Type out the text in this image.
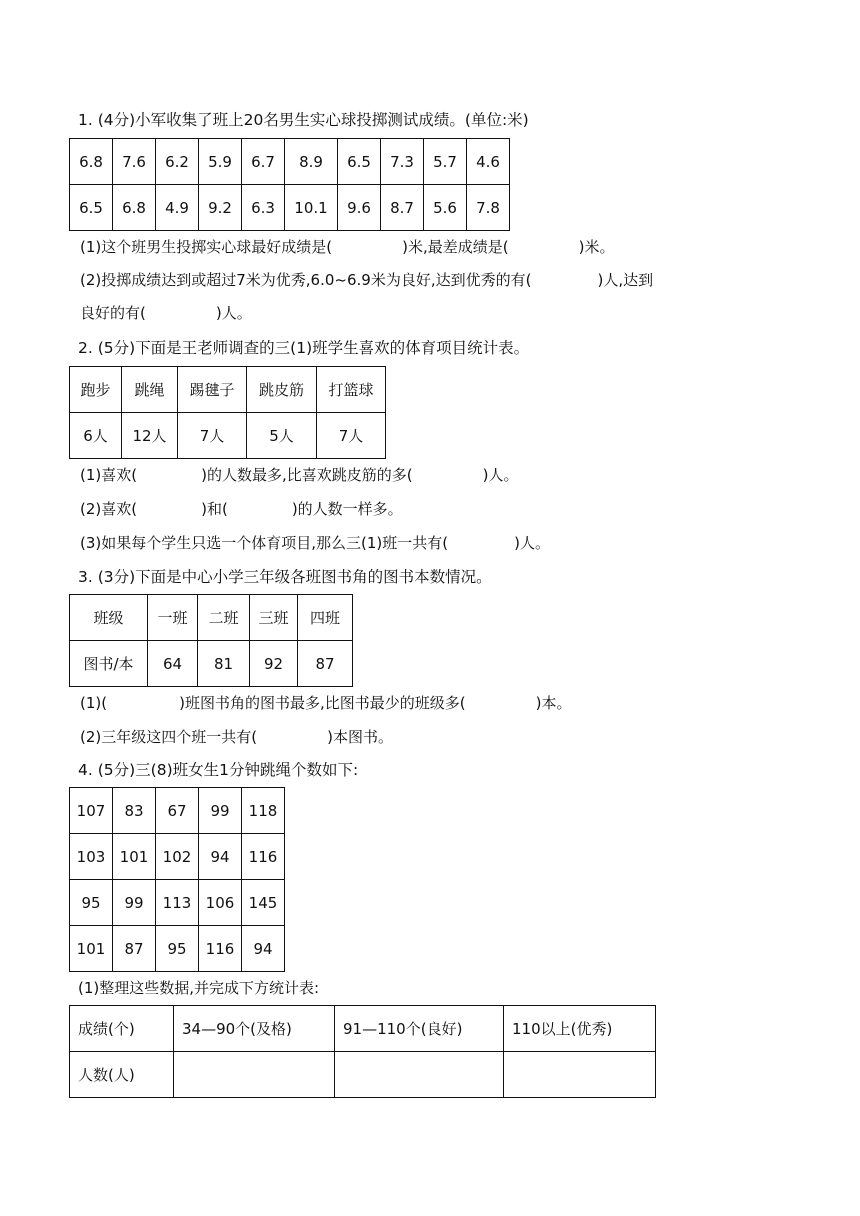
1. (4分)小军收集了班上20名男生实心球投掷测试成绩。(单位:米)
6.8	7.6	6.2	5.9	6.7	8.9	6.5	7.3	5.7	4.6
6.5	6.8	4.9	9.2	6.3	10.1	9.6	8.7	5.6	7.8
(1)这个班男生投掷实心球最好成绩是(	)米,最差成绩是(	)米。
(2)投掷成绩达到或超过7米为优秀,6.0~6.9米为良好,达到优秀的有(	)人,达到
良好的有(	)人。
2. (5分)下面是王老师调查的三(1)班学生喜欢的体育项目统计表。
跑步	跳绳	踢毽子	跳皮筋	打篮球
6人	12人	7人	5人	7人
(1)喜欢(	)的人数最多,比喜欢跳皮筋的多(	)人。
(2)喜欢(	)和(	)的人数一样多。
(3)如果每个学生只选一个体育项目,那么三(1)班一共有(	)人。
3. (3分)下面是中心小学三年级各班图书角的图书本数情况。
班级	一班	二班	三班	四班
图书/本	64	81	92	87
(1)(	)班图书角的图书最多,比图书最少的班级多(	)本。
(2)三年级这四个班一共有(	)本图书。
4. (5分)三(8)班女生1分钟跳绳个数如下:
107	83	67	99	118
103	101	102	94	116
95	99	113	106	145
101	87	95	116	94
(1)整理这些数据,并完成下方统计表:
成绩(个)	34—90个(及格)	91—110个(良好)	110以上(优秀)
人数(人)			
